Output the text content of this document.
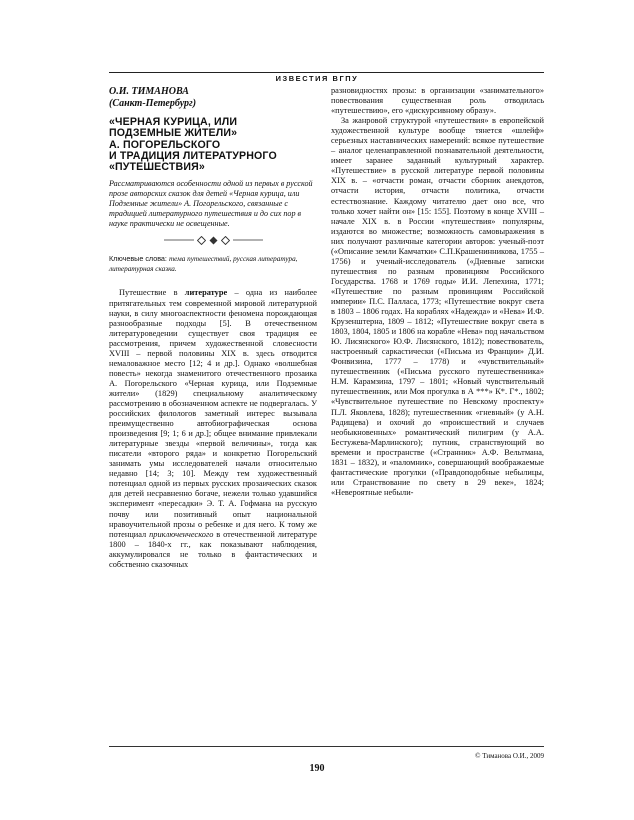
ИЗВЕСТИЯ ВГПУ
О.И. ТИМАНОВА
(Санкт-Петербург)
«ЧЕРНАЯ КУРИЦА, ИЛИ
ПОДЗЕМНЫЕ ЖИТЕЛИ»
А. ПОГОРЕЛЬСКОГО
И ТРАДИЦИЯ ЛИТЕРАТУРНОГО
«ПУТЕШЕСТВИЯ»
Рассматриваются особенности одной из первых в русской прозе авторских сказок для детей «Черная курица, или Подземные жители» А. Погорельского, связанные с традицией литературного путешествия и до сих пор в науке практически не освещенные.
Ключевые слова: тема путешествий, русская литература, литературная сказка.

Путешествие в литературе – одна из наиболее притягательных тем современной мировой литературной науки, в силу многоаспектности феномена порождающая разнообразные подходы [5]. В отечественном литературоведении существует своя традиция ее рассмотрения, причем художественной словесности XVIII – первой половины XIX в. здесь отводится немаловажное место [12; 4 и др.]. Однако «волшебная повесть» некогда знаменитого отечественного прозаика А. Погорельского «Черная курица, или Подземные жители» (1829) специальному аналитическому рассмотрению в обозначенном аспекте не подвергалась. У российских филологов заметный интерес вызывала преимущественно автобиографическая основа произведения [9; 1; 6 и др.]; общее внимание привлекали литературные звезды «первой величины», тогда как писатели «второго ряда» и конкретно Погорельский занимать умы исследователей начали относительно недавно [14; 3; 10]. Между тем художественный потенциал одной из первых русских прозаических сказок для детей несравненно богаче, нежели только удавшийся эксперимент «пересадки» Э. Т. А. Гофмана на русскую почву или позитивный опыт национальной нравоучительной прозы о ребенке и для него. К тому же потенциал приключенческого в отечественной литературе 1800 – 1840-х гг., как показывают наблюдения, аккумулировался не только в фантастических и собственно сказочных

разновидностях прозы: в организации «занимательного» повествования существенная роль отводилась «путешествию», его «дискурсивному образу».

За жанровой структурой «путешествия» в европейской художественной культуре вообще тянется «шлейф» серьезных наставнических намерений: всякое путешествие – аналог целенаправленной познавательной деятельности, имеет заранее заданный культурный характер. «Путешествие» в русской литературе первой половины XIX в. – «отчасти роман, отчасти сборник анекдотов, отчасти история, отчасти политика, отчасти естествознание. Каждому читателю дает оно все, что только хочет найти он» [15: 155]. Поэтому в конце XVIII – начале XIX в. в России «путешествия» популярны, издаются во множестве; возможность самовыражения в них получают различные категории авторов: ученый-поэт («Описание земли Камчатки» С.П.Крашенинникова, 1755 – 1756) и ученый-исследователь («Дневные записки путешествия по разным провинциям Российского Государства. 1768 и 1769 годы» И.И. Лепехина, 1771; «Путешествие по разным провинциям Российской империи» П.С. Палласа, 1773; «Путешествие вокруг света в 1803 – 1806 годах. На кораблях «Надежда» и «Нева» И.Ф. Крузенштерна, 1809 – 1812; «Путешествие вокруг света в 1803, 1804, 1805 и 1806 на корабле «Нева» под начальством Ю. Лисянского» Ю.Ф. Лисянского, 1812); повествователь, настроенный саркастически («Письма из Франции» Д.И. Фонвизина, 1777 – 1778) и «чувствительный» путешественник («Письма русского путешественника» Н.М. Карамзина, 1797 – 1801; «Новый чувствительный путешественник, или Моя прогулка в А ***» К*. Г*., 1802; «Чувствительное путешествие по Невскому проспекту» П.Л. Яковлева, 1828); путешественник «гневный» (у А.Н. Радищева) и охочий до «происшествий и случаев необыкновенных» романтический пилигрим (у А.А. Бестужева-Марлинского); путник, странствующий во времени и пространстве («Странник» А.Ф. Вельтмана, 1831 – 1832), и «паломник», совершающий воображаемые фантастические прогулки («Правдоподобные небылицы, или Странствование по свету в 29 веке», 1824; «Невероятные небыли-

© Тиманова О.И., 2009
190
